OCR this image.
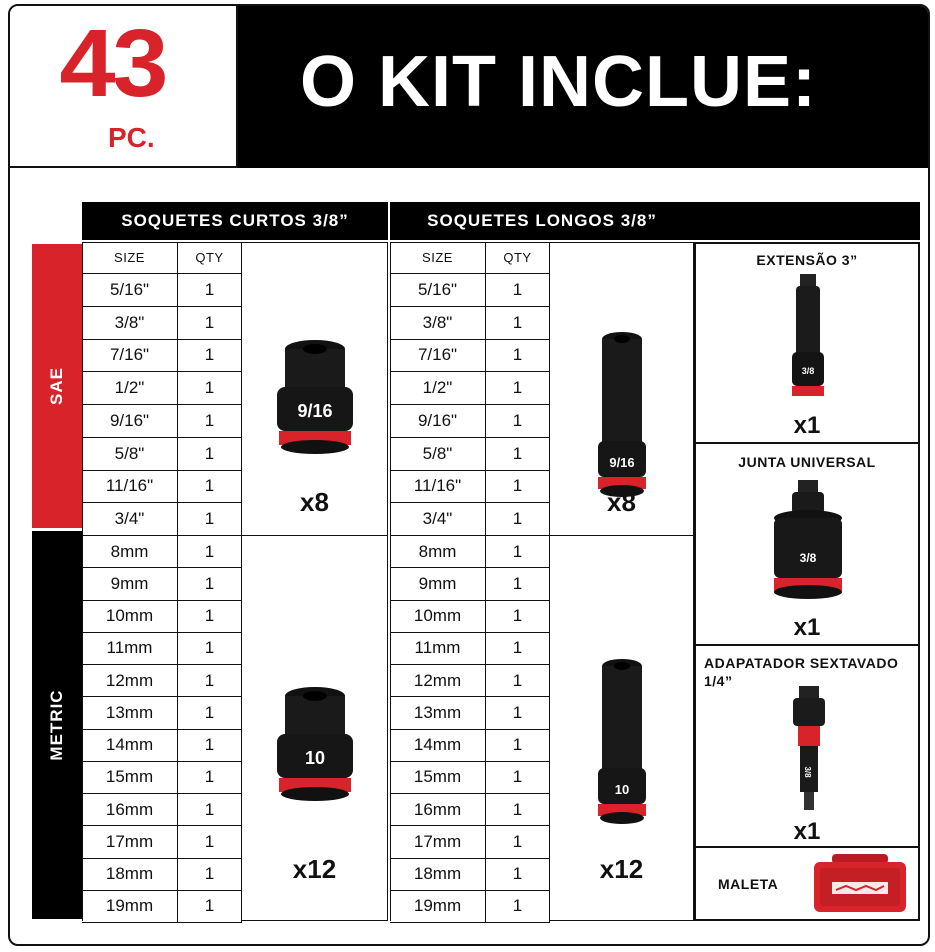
43
PC.
O KIT INCLUE:
SAE
METRIC
SOQUETES CURTOS 3/8”	SOQUETES LONGOS 3/8”
SIZE	QTY
5/16"	1
3/8"	1
7/16"	1
1/2"	1
9/16"	1
5/8"	1
11/16"	1
3/4"	1
8mm	1
9mm	1
10mm	1
11mm	1
12mm	1
13mm	1
14mm	1
15mm	1
16mm	1
17mm	1
18mm	1
19mm	1
9/16
x8
10
x12
SIZE	QTY
5/16"	1
3/8"	1
7/16"	1
1/2"	1
9/16"	1
5/8"	1
11/16"	1
3/4"	1
8mm	1
9mm	1
10mm	1
11mm	1
12mm	1
13mm	1
14mm	1
15mm	1
16mm	1
17mm	1
18mm	1
19mm	1
9/16
x8
10
x12
EXTENSÃO 3”
3/8
x1
JUNTA UNIVERSAL
3/8
x1
ADAPATADOR SEXTAVADO 1/4”
3/8
x1
MALETA
